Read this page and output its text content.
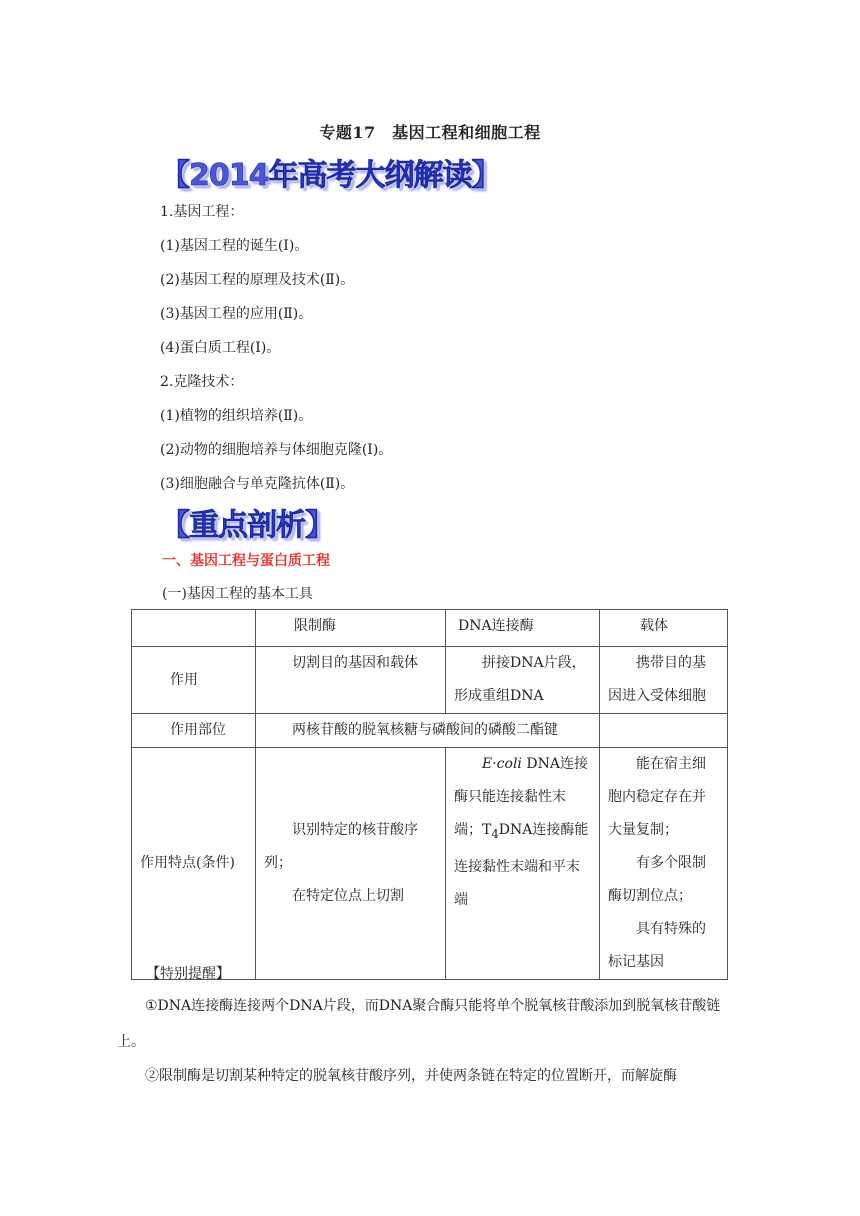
专题17　基因工程和细胞工程
【2014年高考大纲解读】
1.基因工程：
(1)基因工程的诞生(Ⅰ)。
(2)基因工程的原理及技术(Ⅱ)。
(3)基因工程的应用(Ⅱ)。
(4)蛋白质工程(Ⅰ)。
2.克隆技术：
(1)植物的组织培养(Ⅱ)。
(2)动物的细胞培养与体细胞克隆(Ⅰ)。
(3)细胞融合与单克隆抗体(Ⅱ)。
【重点剖析】
一、基因工程与蛋白质工程
(一)基因工程的基本工具
	限制酶	DNA连接酶	载体
作用	切割目的基因和载体	拼接DNA片段，形成重组DNA	携带目的基因进入受体细胞
作用部位	两核苷酸的脱氧核糖与磷酸间的磷酸二酯键		
作用特点(条件)	识别特定的核苷酸序列；
在特定位点上切割	E·coli DNA连接酶只能连接黏性末端；$T_4DNA$连接酶能连接黏性末端和平末端	能在宿主细胞内稳定存在并大量复制；
有多个限制酶切割位点；
具有特殊的标记基因
【特别提醒】
①DNA连接酶连接两个DNA片段，而DNA聚合酶只能将单个脱氧核苷酸添加到脱氧核苷酸链上。
②限制酶是切割某种特定的脱氧核苷酸序列，并使两条链在特定的位置断开，而解旋酶
